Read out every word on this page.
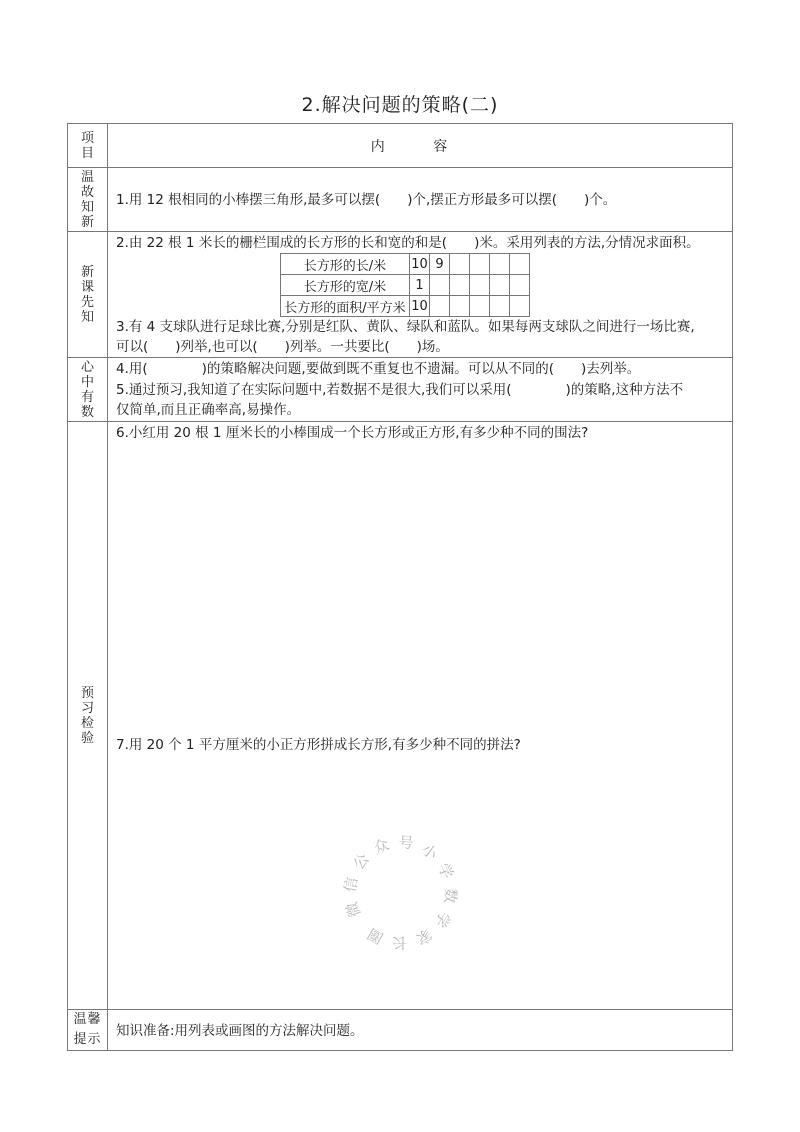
2.解决问题的策略(二)
项目	内 容
温故知新
1.用 12 根相同的小棒摆三角形,最多可以摆(　　)个,摆正方形最多可以摆(　　)个。
新课先知
2.由 22 根 1 米长的栅栏围成的长方形的长和宽的和是(　　)米。采用列表的方法,分情况求面积。
长方形的长/米	10	9				
长方形的宽/米	1					
长方形的面积/平方米	10					
3.有 4 支球队进行足球比赛,分别是红队、黄队、绿队和蓝队。如果每两支球队之间进行一场比赛,
可以(　　)列举,也可以(　　)列举。一共要比(　　)场。
心中有数
4.用(　　　　)的策略解决问题,要做到既不重复也不遗漏。可以从不同的(　　)去列举。
5.通过预习,我知道了在实际问题中,若数据不是很大,我们可以采用(　　　　)的策略,这种方法不
仅简单,而且正确率高,易操作。
预习检验
6.小红用 20 根 1 厘米长的小棒围成一个长方形或正方形,有多少种不同的围法?
7.用 20 个 1 平方厘米的小正方形拼成长方形,有多少种不同的拼法?
温馨提示
知识准备:用列表或画图的方法解决问题。
微
信
公
众 号 小
学
数
学
家
长
圈
